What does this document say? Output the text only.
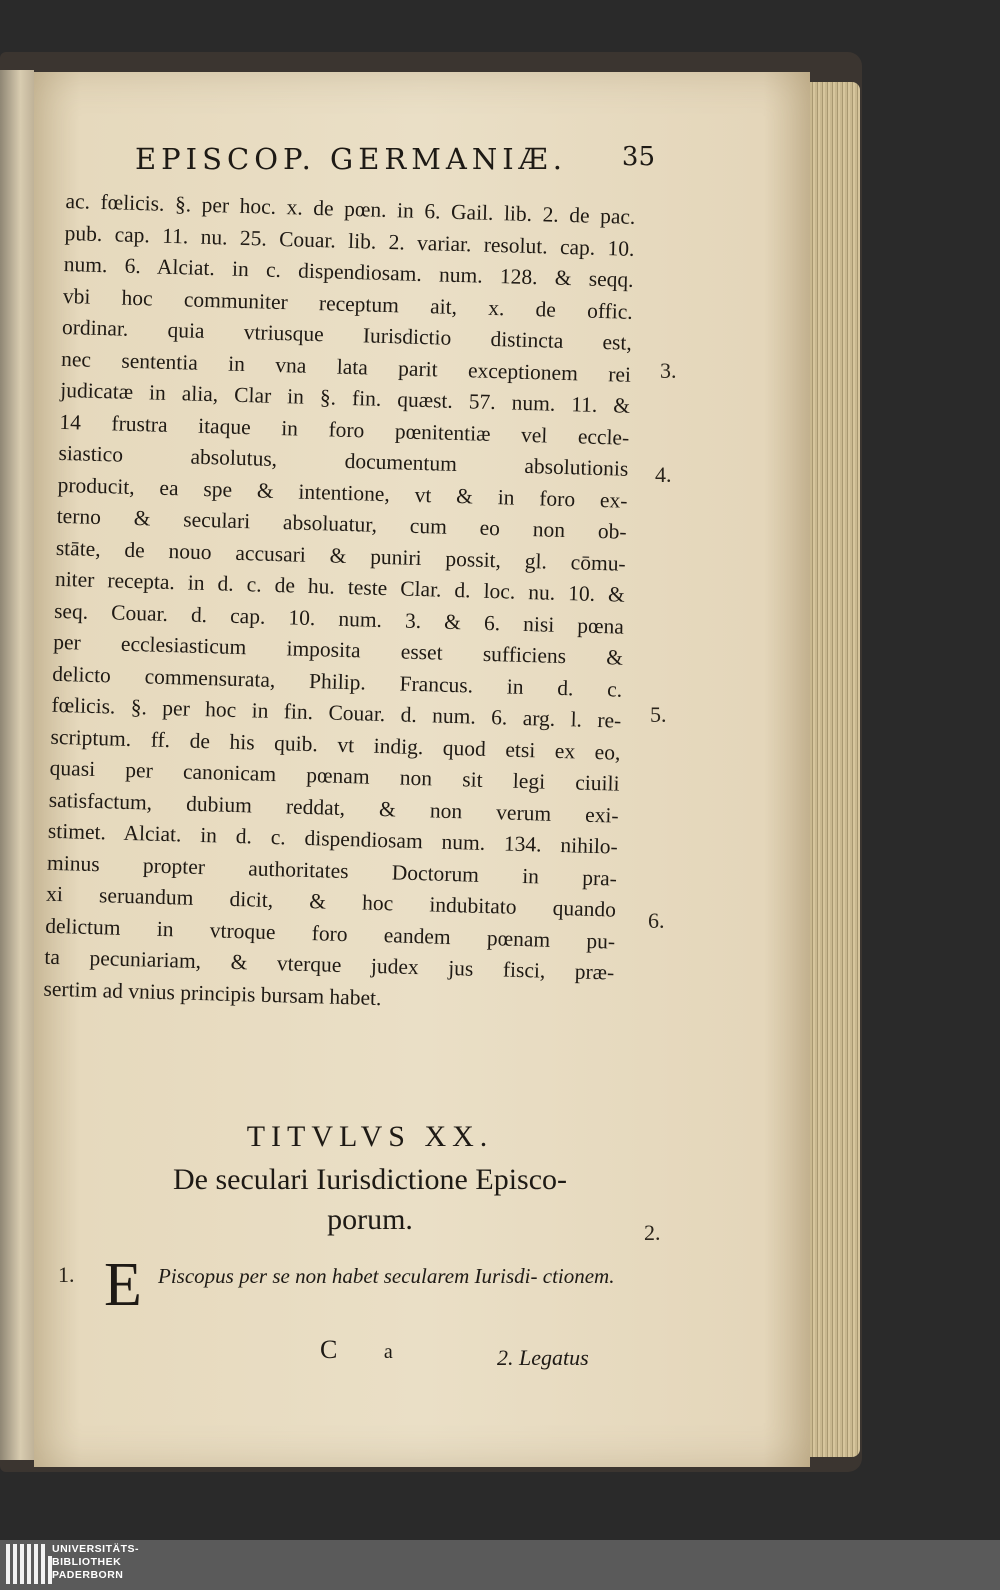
EPISCOP. GERMANIÆ. 35
ac. fœlicis. §. per hoc. x. de pœn. in 6. Gail. lib. 2. de pac.
pub. cap. 11. nu. 25. Couar. lib. 2. variar. resolut. cap. 10.
num. 6. Alciat. in c. dispendiosam. num. 128. & seqq.
vbi hoc communiter receptum ait, x. de offic.
ordinar. quia vtriusque Iurisdictio distincta est,
nec sententia in vna lata parit exceptionem rei
judicatæ in alia, Clar in §. fin. quæst. 57. num. 11. &
14 frustra itaque in foro pœnitentiæ vel eccle-
siastico absolutus, documentum absolutionis
producit, ea spe & intentione, vt & in foro ex-
terno & seculari absoluatur, cum eo non ob-
stāte, de nouo accusari & puniri possit, gl. cōmu-
niter recepta. in d. c. de hu. teste Clar. d. loc. nu. 10. &
seq. Couar. d. cap. 10. num. 3. & 6. nisi pœna
per ecclesiasticum imposita esset sufficiens &
delicto commensurata, Philip. Francus. in d. c.
fœlicis. §. per hoc in fin. Couar. d. num. 6. arg. l. re-
scriptum. ff. de his quib. vt indig. quod etsi ex eo,
quasi per canonicam pœnam non sit legi ciuili
satisfactum, dubium reddat, & non verum exi-
stimet. Alciat. in d. c. dispendiosam num. 134. nihilo-
minus propter authoritates Doctorum in pra-
xi seruandum dicit, & hoc indubitato quando
delictum in vtroque foro eandem pœnam pu-
ta pecuniariam, & vterque judex jus fisci, præ-
sertim ad vnius principis bursam habet.
3.
4.
5.
6.
2.
1.
TITVLVS XX.
De seculari Iurisdictione Episco-
porum.
E Piscopus per se non habet secularem Iurisdi- ctionem.
C a	2. Legatus
UNIVERSITÄTS-
BIBLIOTHEK
PADERBORN
